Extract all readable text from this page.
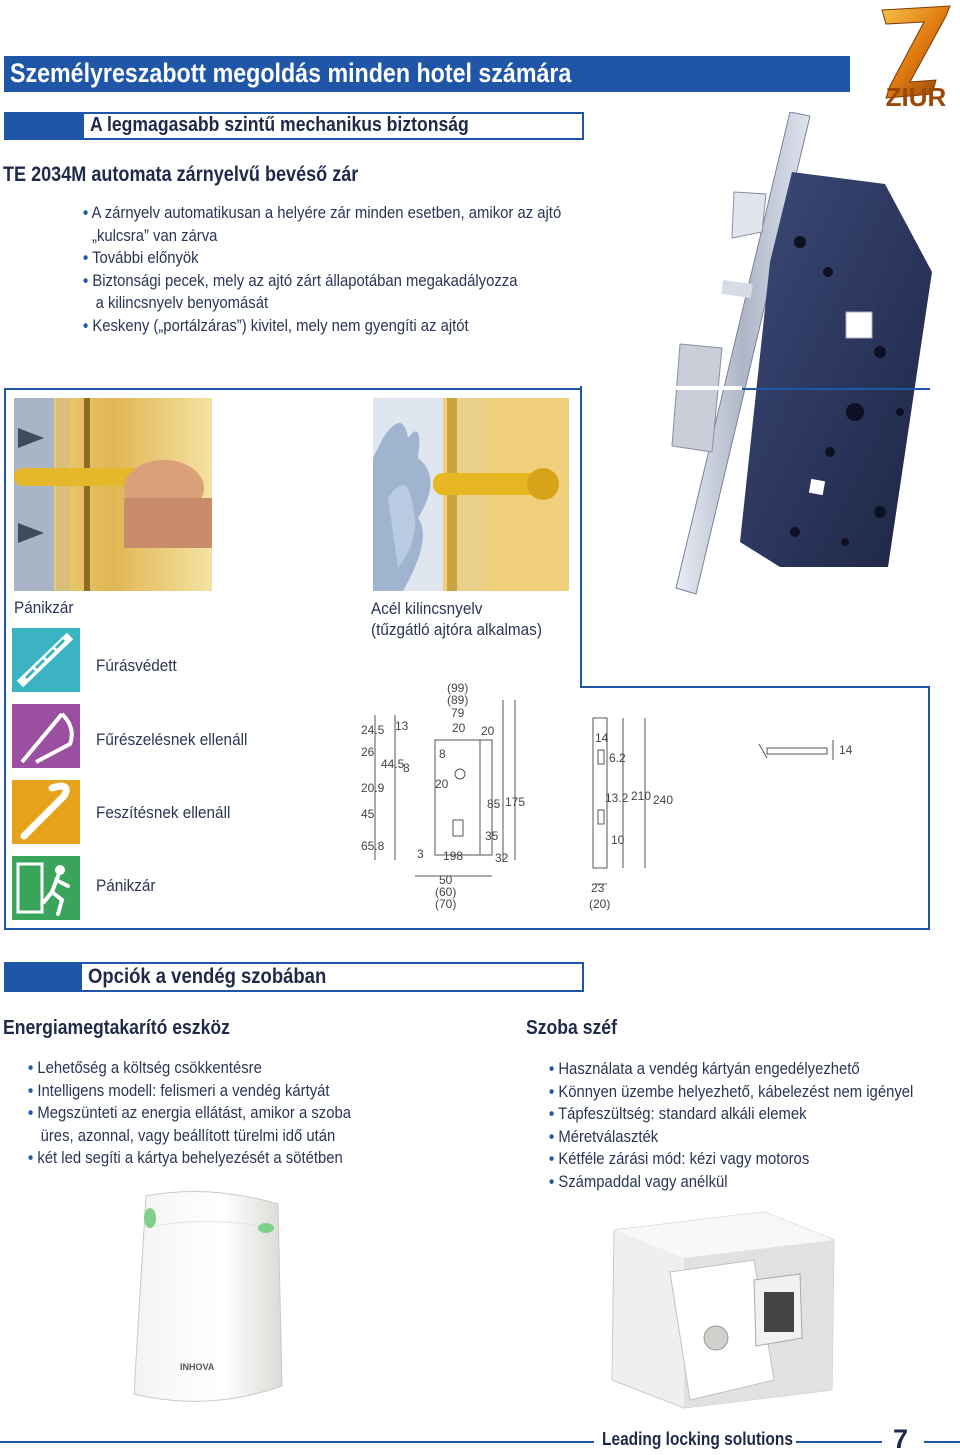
Személyreszabott megoldás minden hotel számára
A legmagasabb szintű mechanikus biztonság
ZIUR
TE 2034M automata zárnyelvű bevéső zár
• A zárnyelv automatikusan a helyére zár minden esetben, amikor az ajtó
„kulcsra” van zárva
• További előnyök
• Biztonsági pecek, mely az ajtó zárt állapotában megakadályozza
a kilincsnyelv benyomását
• Keskeny („portálzáras”) kivitel, mely nem gyengíti az ajtót
Pánikzár	Acél kilincsnyelv
(tűzgátló ajtóra alkalmas)
Fúrásvédett
Fűrészelésnek ellenáll
Feszítésnek ellenáll
Pánikzár
(99)
(89)
79
20 20
13
8
8
20
85 175
35
198
3	32
24.5
26
44.5
20.9
45
65.8
50
(60)
(70)
14
6.2
13.2 210 240
10
23
(20)
14
Opciók a vendég szobában
Energiamegtakarító eszköz
• Lehetőség a költség csökkentésre
• Intelligens modell: felismeri a vendég kártyát
• Megszünteti az energia ellátást, amikor a szoba
üres, azonnal, vagy beállított türelmi idő után
• két led segíti a kártya behelyezését a sötétben
Szoba széf
• Használata a vendég kártyán engedélyezhető
• Könnyen üzembe helyezhető, kábelezést nem igényel
• Tápfeszültség: standard alkáli elemek
• Méretválaszték
• Kétféle zárási mód: kézi vagy motoros
• Számpaddal vagy anélkül
INHOVA
Leading locking solutions	7
